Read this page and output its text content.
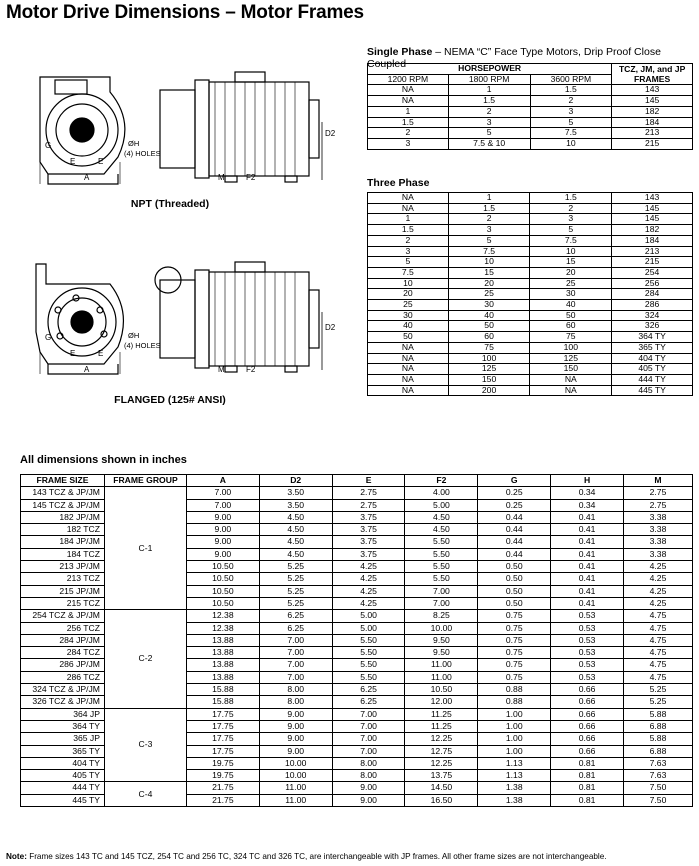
Motor Drive Dimensions – Motor Frames
D2
G
E	E
A
ØH
(4) HOLES
M	F2
NPT (Threaded)
D2
G
E	E
A
ØH
(4) HOLES
M	F2
FLANGED (125# ANSI)
Single Phase – NEMA “C” Face Type Motors, Drip Proof Close Coupled	HORSEPOWER			TCZ, JM, and JP FRAMES
1200 RPM	1800 RPM	3600 RPM	
NA	1	1.5	143
NA	1.5	2	145
1	2	3	182
1.5	3	5	184
2	5	7.5	213
3	7.5 & 10	10	215
Three Phase
NA	1	1.5	143
NA	1.5	2	145
1	2	3	145
1.5	3	5	182
2	5	7.5	184
3	7.5	10	213
5	10	15	215
7.5	15	20	254
10	20	25	256
20	25	30	284
25	30	40	286
30	40	50	324
40	50	60	326
50	60	75	364 TY
NA	75	100	365 TY
NA	100	125	404 TY
NA	125	150	405 TY
NA	150	NA	444 TY
NA	200	NA	445 TY
All dimensions shown in inches
FRAME SIZE	FRAME GROUP	A	D2	E	F2	G	H	M
143 TCZ & JP/JM	C-1	7.00	3.50	2.75	4.00	0.25	0.34	2.75
145 TCZ & JP/JM		7.00	3.50	2.75	5.00	0.25	0.34	2.75
182 JP/JM		9.00	4.50	3.75	4.50	0.44	0.41	3.38
182 TCZ		9.00	4.50	3.75	4.50	0.44	0.41	3.38
184 JP/JM		9.00	4.50	3.75	5.50	0.44	0.41	3.38
184 TCZ		9.00	4.50	3.75	5.50	0.44	0.41	3.38
213 JP/JM		10.50	5.25	4.25	5.50	0.50	0.41	4.25
213 TCZ		10.50	5.25	4.25	5.50	0.50	0.41	4.25
215 JP/JM		10.50	5.25	4.25	7.00	0.50	0.41	4.25
215 TCZ		10.50	5.25	4.25	7.00	0.50	0.41	4.25
254 TCZ & JP/JM	C-2	12.38	6.25	5.00	8.25	0.75	0.53	4.75
256 TCZ		12.38	6.25	5.00	10.00	0.75	0.53	4.75
284 JP/JM		13.88	7.00	5.50	9.50	0.75	0.53	4.75
284 TCZ		13.88	7.00	5.50	9.50	0.75	0.53	4.75
286 JP/JM		13.88	7.00	5.50	11.00	0.75	0.53	4.75
286 TCZ		13.88	7.00	5.50	11.00	0.75	0.53	4.75
324 TCZ & JP/JM		15.88	8.00	6.25	10.50	0.88	0.66	5.25
326 TCZ & JP/JM		15.88	8.00	6.25	12.00	0.88	0.66	5.25
364 JP	C-3	17.75	9.00	7.00	11.25	1.00	0.66	5.88
364 TY		17.75	9.00	7.00	11.25	1.00	0.66	6.88
365 JP		17.75	9.00	7.00	12.25	1.00	0.66	5.88
365 TY		17.75	9.00	7.00	12.75	1.00	0.66	6.88
404 TY		19.75	10.00	8.00	12.25	1.13	0.81	7.63
405 TY		19.75	10.00	8.00	13.75	1.13	0.81	7.63
444 TY	C-4	21.75	11.00	9.00	14.50	1.38	0.81	7.50
445 TY		21.75	11.00	9.00	16.50	1.38	0.81	7.50
Note: Frame sizes 143 TC and 145 TCZ, 254 TC and 256 TC, 324 TC and 326 TC, are interchangeable with JP frames. All other frame sizes are not interchangeable.
